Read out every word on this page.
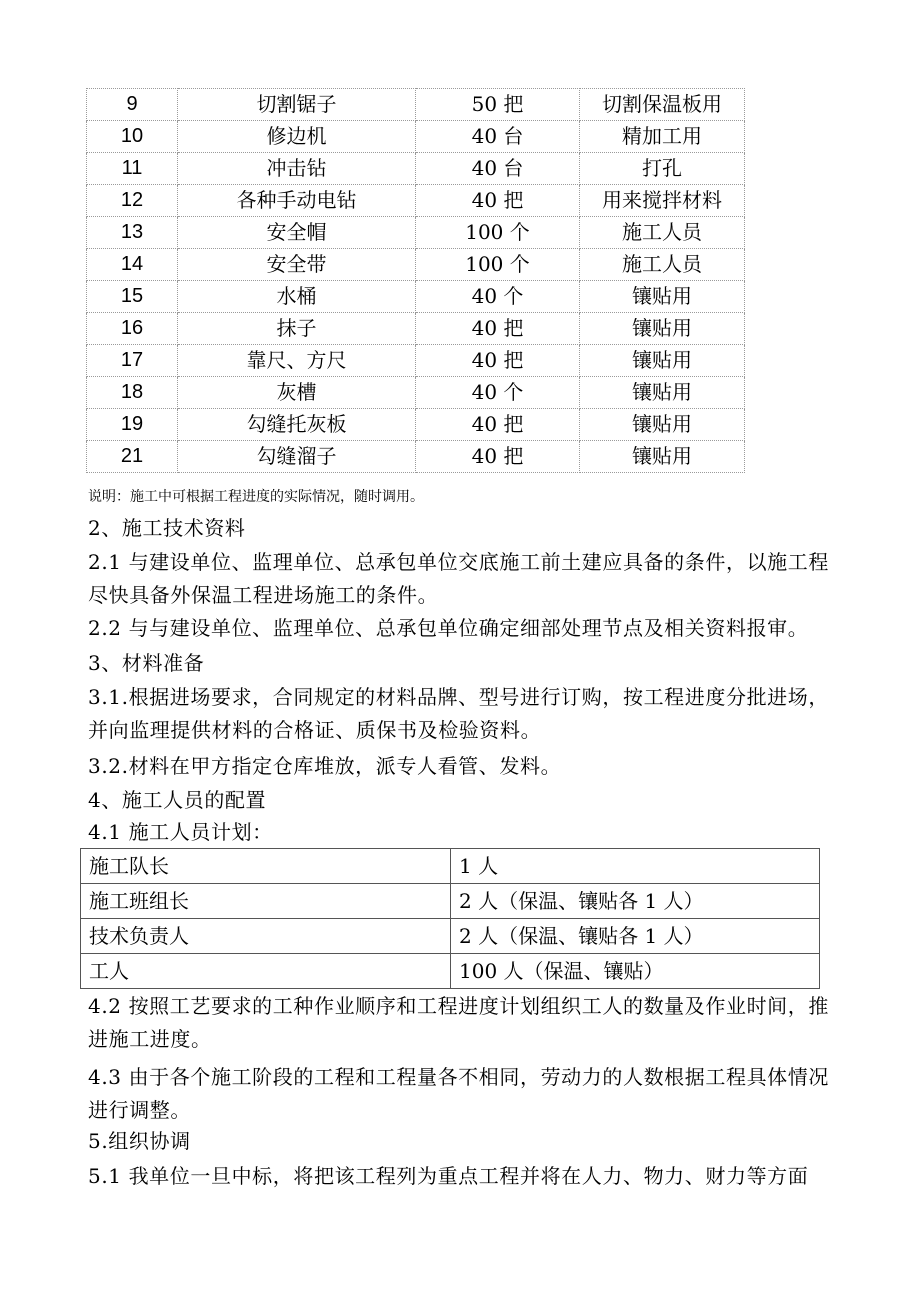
9	切割锯子	50 把	切割保温板用
10	修边机	40 台	精加工用
11	冲击钻	40 台	打孔
12	各种手动电钻	40 把	用来搅拌材料
13	安全帽	100 个	施工人员
14	安全带	100 个	施工人员
15	水桶	40 个	镶贴用
16	抹子	40 把	镶贴用
17	靠尺、方尺	40 把	镶贴用
18	灰槽	40 个	镶贴用
19	勾缝托灰板	40 把	镶贴用
21	勾缝溜子	40 把	镶贴用
说明：施工中可根据工程进度的实际情况，随时调用。
2、施工技术资料
2.1 与建设单位、监理单位、总承包单位交底施工前土建应具备的条件，以施工程尽快具备外保温工程进场施工的条件。
2.2 与与建设单位、监理单位、总承包单位确定细部处理节点及相关资料报审。
3、材料准备
3.1.根据进场要求，合同规定的材料品牌、型号进行订购，按工程进度分批进场，并向监理提供材料的合格证、质保书及检验资料。
3.2.材料在甲方指定仓库堆放，派专人看管、发料。
4、施工人员的配置
4.1 施工人员计划：
施工队长	1 人
施工班组长	2 人（保温、镶贴各 1 人）
技术负责人	2 人（保温、镶贴各 1 人）
工人	100 人（保温、镶贴）
4.2 按照工艺要求的工种作业顺序和工程进度计划组织工人的数量及作业时间，推进施工进度。
4.3 由于各个施工阶段的工程和工程量各不相同，劳动力的人数根据工程具体情况进行调整。
5.组织协调
5.1 我单位一旦中标，将把该工程列为重点工程并将在人力、物力、财力等方面
